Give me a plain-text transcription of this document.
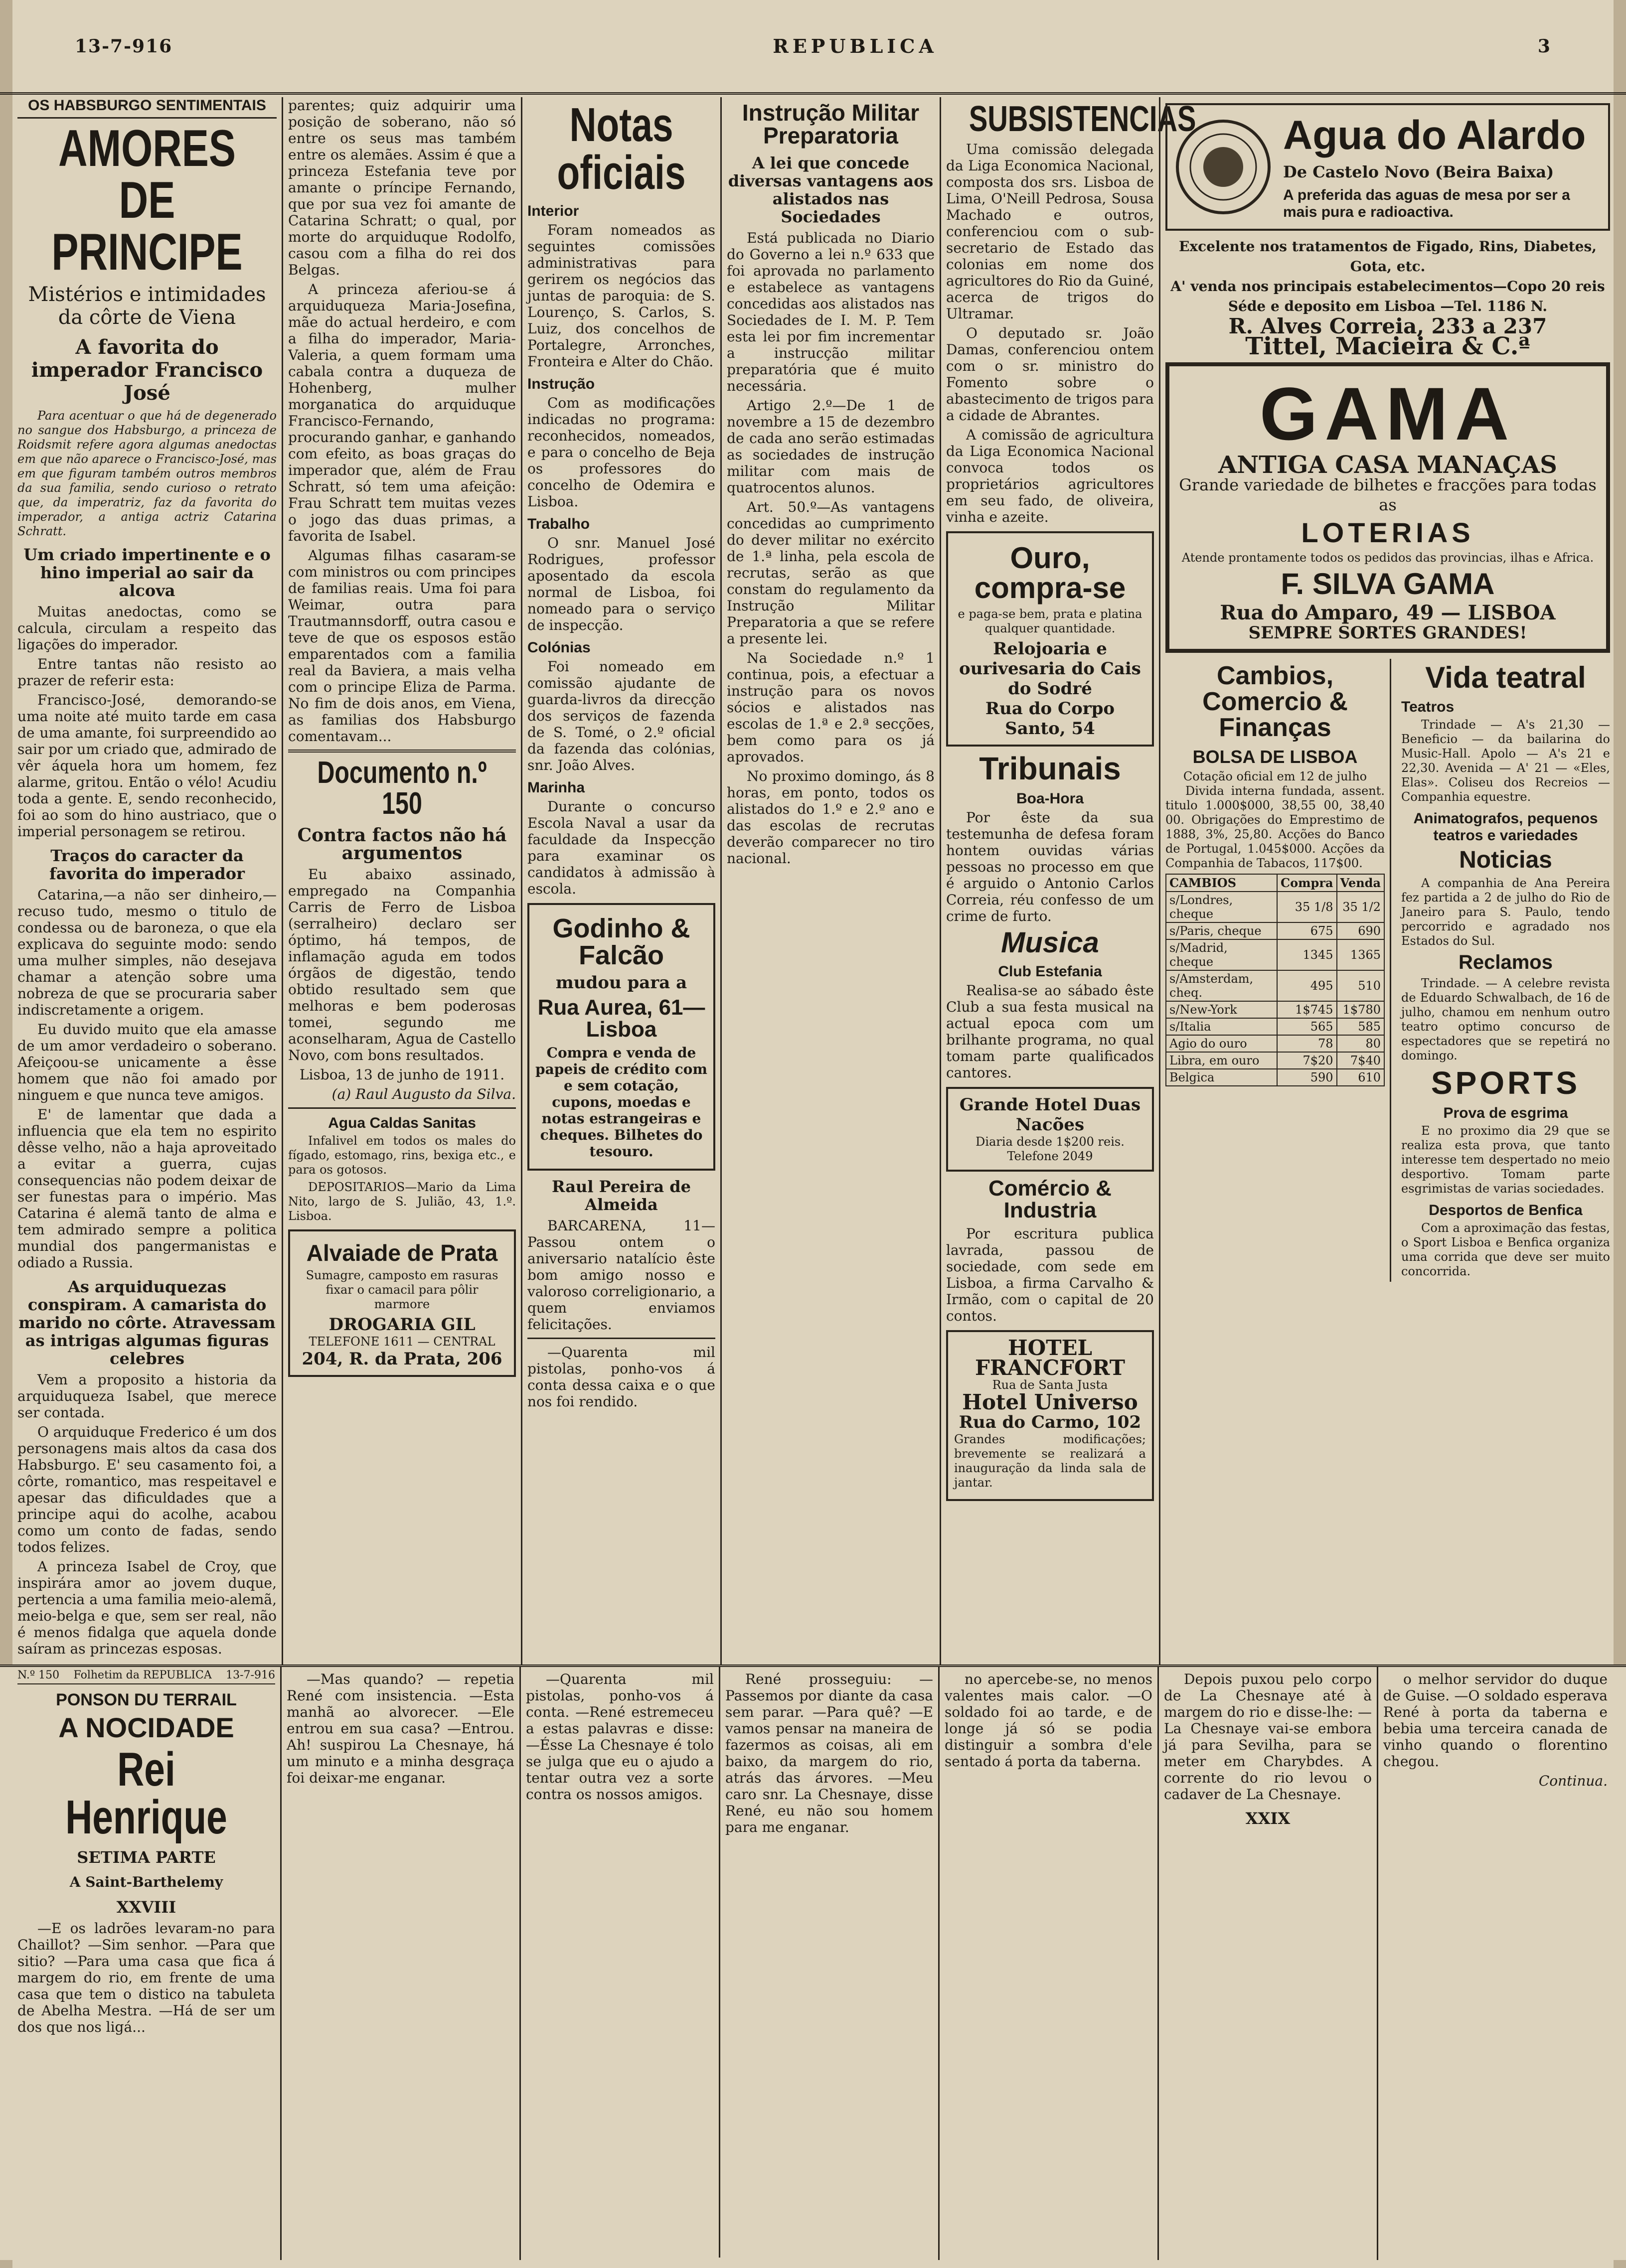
13-7-916	REPUBLICA	3
OS HABSBURGO SENTIMENTAIS
AMORES DE PRINCIPE
Mistérios e intimidades da côrte de Viena
A favorita do imperador Francisco José

Para acentuar o que há de degenerado no sangue dos Habsburgo, a princeza de Roidsmit refere agora algumas anedoctas em que não aparece o Francisco-José, mas em que figuram também outros membros da sua familia, sendo curioso o retrato que, da imperatriz, faz da favorita do imperador, a antiga actriz Catarina Schratt.

Um criado impertinente e o hino imperial ao sair da alcova

Muitas anedoctas, como se calcula, circulam a respeito das ligações do imperador.

Entre tantas não resisto ao prazer de referir esta:

Francisco-José, demorando-se uma noite até muito tarde em casa de uma amante, foi surpreendido ao sair por um criado que, admirado de vêr áquela hora um homem, fez alarme, gritou. Então o vélo! Acudiu toda a gente. E, sendo reconhecido, foi ao som do hino austriaco, que o imperial personagem se retirou.

Traços do caracter da favorita do imperador

Catarina,—a não ser dinheiro,—recuso tudo, mesmo o titulo de condessa ou de baroneza, o que ela explicava do seguinte modo: sendo uma mulher simples, não desejava chamar a atenção sobre uma nobreza de que se procuraria saber indiscretamente a origem.

Eu duvido muito que ela amasse de um amor verdadeiro o soberano. Afeiçoou-se unicamente a êsse homem que não foi amado por ninguem e que nunca teve amigos.

E' de lamentar que dada a influencia que ela tem no espirito dêsse velho, não a haja aproveitado a evitar a guerra, cujas consequencias não podem deixar de ser funestas para o império. Mas Catarina é alemã tanto de alma e tem admirado sempre a politica mundial dos pangermanistas e odiado a Russia.

As arquiduquezas conspiram. A camarista do marido no côrte. Atravessam as intrigas algumas figuras celebres

Vem a proposito a historia da arquiduqueza Isabel, que merece ser contada.

O arquiduque Frederico é um dos personagens mais altos da casa dos Habsburgo. E' seu casamento foi, a côrte, romantico, mas respeitavel e apesar das dificuldades que a principe aqui do acolhe, acabou como um conto de fadas, sendo todos felizes.

A princeza Isabel de Croy, que inspirára amor ao jovem duque, pertencia a uma familia meio-alemã, meio-belga e que, sem ser real, não é menos fidalga que aquela donde saíram as princezas esposas.

parentes; quiz adquirir uma posição de soberano, não só entre os seus mas também entre os alemães. Assim é que a princeza Estefania teve por amante o príncipe Fernando, que por sua vez foi amante de Catarina Schratt; o qual, por morte do arquiduque Rodolfo, casou com a filha do rei dos Belgas.

A princeza aferiou-se á arquiduqueza Maria-Josefina, mãe do actual herdeiro, e com a filha do imperador, Maria-Valeria, a quem formam uma cabala contra a duqueza de Hohenberg, mulher morganatica do arquiduque Francisco-Fernando, procurando ganhar, e ganhando com efeito, as boas graças do imperador que, além de Frau Schratt, só tem uma afeição: Frau Schratt tem muitas vezes o jogo das duas primas, a favorita de Isabel.

Algumas filhas casaram-se com ministros ou com principes de familias reais. Uma foi para Weimar, outra para Trautmannsdorff, outra casou e teve de que os esposos estão emparentados com a familia real da Baviera, a mais velha com o principe Eliza de Parma. No fim de dois anos, em Viena, as familias dos Habsburgo comentavam...

Documento n.º 150
Contra factos não há argumentos

Eu abaixo assinado, empregado na Companhia Carris de Ferro de Lisboa (serralheiro) declaro ser óptimo, há tempos, de inflamação aguda em todos órgãos de digestão, tendo obtido resultado sem que melhoras e bem poderosas tomei, segundo me aconselharam, Agua de Castello Novo, com bons resultados.

Lisboa, 13 de junho de 1911.

(a) Raul Augusto da Silva.

Agua Caldas Sanitas

Infalivel em todos os males do fígado, estomago, rins, bexiga etc., e para os gotosos.

DEPOSITARIOS—Mario da Lima Nito, largo de S. Julião, 43, 1.º. Lisboa.

Alvaiade de Prata

Sumagre, camposto em rasuras fixar o camacil para pôlir marmore

DROGARIA GIL
TELEFONE 1611 — CENTRAL
204, R. da Prata, 206
Notas oficiais
Interior

Foram nomeados as seguintes comissões administrativas para gerirem os negócios das juntas de paroquia: de S. Lourenço, S. Carlos, S. Luiz, dos concelhos de Portalegre, Arronches, Fronteira e Alter do Chão.

Instrução

Com as modificações indicadas no programa: reconhecidos, nomeados, e para o concelho de Beja os professores do concelho de Odemira e Lisboa.

Trabalho

O snr. Manuel José Rodrigues, professor aposentado da escola normal de Lisboa, foi nomeado para o serviço de inspecção.

Colónias

Foi nomeado em comissão ajudante de guarda-livros da direcção dos serviços de fazenda de S. Tomé, o 2.º oficial da fazenda das colónias, snr. João Alves.

Marinha

Durante o concurso Escola Naval a usar da faculdade da Inspecção para examinar os candidatos à admissão à escola.

Godinho & Falcão
mudou para a
Rua Aurea, 61—Lisboa

Compra e venda de papeis de crédito com e sem cotação, cupons, moedas e notas estrangeiras e cheques. Bilhetes do tesouro.

Raul Pereira de Almeida

BARCARENA, 11—Passou ontem o aniversario natalício êste bom amigo nosso e valoroso correligionario, a quem enviamos felicitações.

—Quarenta mil pistolas, ponho-vos á conta dessa caixa e o que nos foi rendido.

Instrução Militar Preparatoria
A lei que concede diversas vantagens aos alistados nas Sociedades

Está publicada no Diario do Governo a lei n.º 633 que foi aprovada no parlamento e estabelece as vantagens concedidas aos alistados nas Sociedades de I. M. P. Tem esta lei por fim incrementar a instrucção militar preparatória que é muito necessária.

Artigo 2.º—De 1 de novembre a 15 de dezembro de cada ano serão estimadas as sociedades de instrução militar com mais de quatrocentos alunos.

Art. 50.º—As vantagens concedidas ao cumprimento do dever militar no exército de 1.ª linha, pela escola de recrutas, serão as que constam do regulamento da Instrução Militar Preparatoria a que se refere a presente lei.

Na Sociedade n.º 1 continua, pois, a efectuar a instrução para os novos sócios e alistados nas escolas de 1.ª e 2.ª secções, bem como para os já aprovados.

No proximo domingo, ás 8 horas, em ponto, todos os alistados do 1.º e 2.º ano e das escolas de recrutas deverão comparecer no tiro nacional.

SUBSISTENCIAS

Uma comissão delegada da Liga Economica Nacional, composta dos srs. Lisboa de Lima, O'Neill Pedrosa, Sousa Machado e outros, conferenciou com o sub-secretario de Estado das colonias em nome dos agricultores do Rio da Guiné, acerca de trigos do Ultramar.

O deputado sr. João Damas, conferenciou ontem com o sr. ministro do Fomento sobre o abastecimento de trigos para a cidade de Abrantes.

A comissão de agricultura da Liga Economica Nacional convoca todos os proprietários agricultores em seu fado, de oliveira, vinha e azeite.

Ouro, compra-se

e paga-se bem, prata e platina qualquer quantidade.

Relojoaria e ourivesaria do Cais do Sodré
Rua do Corpo Santo, 54
Tribunais
Boa-Hora

Por êste da sua testemunha de defesa foram hontem ouvidas várias pessoas no processo em que é arguido o Antonio Carlos Correia, réu confesso de um crime de furto.

Musica
Club Estefania

Realisa-se ao sábado êste Club a sua festa musical na actual epoca com um brilhante programa, no qual tomam parte qualificados cantores.

Grande Hotel Duas Nacões
Diaria desde 1$200 reis. Telefone 2049
Comércio & Industria

Por escritura publica lavrada, passou de sociedade, com sede em Lisboa, a firma Carvalho & Irmão, com o capital de 20 contos.

HOTEL FRANCFORT
Rua de Santa Justa
Hotel Universo
Rua do Carmo, 102

Grandes modificações; brevemente se realizará a inauguração da linda sala de jantar.

Agua do Alardo
De Castelo Novo (Beira Baixa)
A preferida das aguas de mesa por ser a mais pura e radioactiva.
Excelente nos tratamentos de Figado, Rins, Diabetes, Gota, etc.
A' venda nos principais estabelecimentos—Copo 20 reis
Séde e deposito em Lisboa —Tel. 1186 N.
R. Alves Correia, 233 a 237
Tittel, Macieira & C.ª
GAMA
ANTIGA CASA MANAÇAS
Grande variedade de bilhetes e fracções para todas as
LOTERIAS

Atende prontamente todos os pedidos das provincias, ilhas e Africa.

F. SILVA GAMA
Rua do Amparo, 49 — LISBOA
SEMPRE SORTES GRANDES!
Cambios, Comercio & Finanças
BOLSA DE LISBOA
Cotação oficial em 12 de julho

Divida interna fundada, assent. titulo 1.000$000, 38,55 00, 38,40 00. Obrigações do Emprestimo de 1888, 3%, 25,80. Acções do Banco de Portugal, 1.045$000. Acções da Companhia de Tabacos, 117$00.

CAMBIOS	Compra	Venda
s/Londres, cheque	35 1/8	35 1/2
s/Paris, cheque	675	690
s/Madrid, cheque	1345	1365
s/Amsterdam, cheq.	495	510
s/New-York	1$745	1$780
s/Italia	565	585
Agio do ouro	78	80
Libra, em ouro	7$20	7$40
Belgica	590	610
Vida teatral
Teatros

Trindade — A's 21,30 — Beneficio — da bailarina do Music-Hall. Apolo — A's 21 e 22,30. Avenida — A' 21 — «Eles, Elas». Coliseu dos Recreios — Companhia equestre.

Animatografos, pequenos teatros e variedades
Noticias

A companhia de Ana Pereira fez partida a 2 de julho do Rio de Janeiro para S. Paulo, tendo percorrido e agradado nos Estados do Sul.

Reclamos

Trindade. — A celebre revista de Eduardo Schwalbach, de 16 de julho, chamou em nenhum outro teatro optimo concurso de espectadores que se repetirá no domingo.

SPORTS
Prova de esgrima

E no proximo dia 29 que se realiza esta prova, que tanto interesse tem despertado no meio desportivo. Tomam parte esgrimistas de varias sociedades.

Desportos de Benfica

Com a aproximação das festas, o Sport Lisboa e Benfica organiza uma corrida que deve ser muito concorrida.

N.º 150 Folhetim da REPUBLICA 13-7-916
PONSON DU TERRAIL
A NOCIDADE
Rei Henrique
SETIMA PARTE
A Saint-Barthelemy
XXVIII

—E os ladrões levaram-no para Chaillot? —Sim senhor. —Para que sitio? —Para uma casa que fica á margem do rio, em frente de uma casa que tem o distico na tabuleta de Abelha Mestra. —Há de ser um dos que nos ligá...

—Mas quando? — repetia René com insistencia. —Esta manhã ao alvorecer. —Ele entrou em sua casa? —Entrou. Ah! suspirou La Chesnaye, há um minuto e a minha desgraça foi deixar-me enganar.

René prosseguiu: —Passemos por diante da casa sem parar. —Para quê? —E vamos pensar na maneira de fazermos as coisas, ali em baixo, da margem do rio, atrás das árvores. —Meu caro snr. La Chesnaye, disse René, eu não sou homem para me enganar.

no apercebe-se, no menos valentes mais calor. —O soldado foi ao tarde, e de longe já só se podia distinguir a sombra d'ele sentado á porta da taberna.

Depois puxou pelo corpo de La Chesnaye até à margem do rio e disse-lhe: —La Chesnaye vai-se embora já para Sevilha, para se meter em Charybdes. A corrente do rio levou o cadaver de La Chesnaye.

XXIX

o melhor servidor do duque de Guise. —O soldado esperava René à porta da taberna e bebia uma terceira canada de vinho quando o florentino chegou.

Continua.

—Quarenta mil pistolas, ponho-vos á conta. —René estremeceu a estas palavras e disse: —Ésse La Chesnaye é tolo se julga que eu o ajudo a tentar outra vez a sorte contra os nossos amigos.
